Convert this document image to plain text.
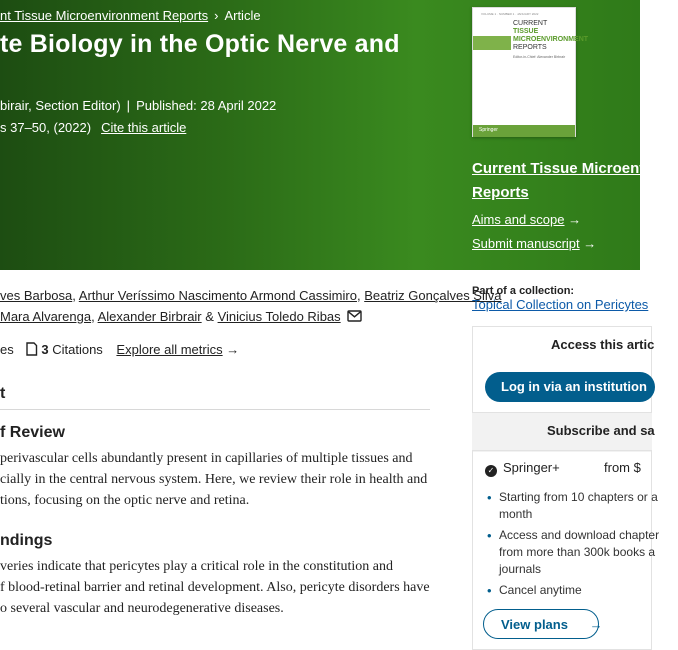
nt Tissue Microenvironment Reports › Article
te Biology in the Optic Nerve and
birair, Section Editor) | Published: 28 April 2022
s 37–50, (2022) Cite this article
VOLUME 1 · NUMBER 1 · JANUARY 2022
CURRENT
TISSUE
MICROENVIRONMENT
REPORTS
Editor-in-Chief: Alexander Birbrair
Springer
Current Tissue Microenviron
Reports
Aims and scope →
Submit manuscript →
ves Barbosa, Arthur Veríssimo Nascimento Armond Cassimiro, Beatriz Gonçalves Silva
Mara Alvarenga, Alexander Birbrair & Vinicius Toledo Ribas
es 3 Citations Explore all metrics →
t
f Review
perivascular cells abundantly present in capillaries of multiple tissues and
cially in the central nervous system. Here, we review their role in health and
tions, focusing on the optic nerve and retina.
ndings
veries indicate that pericytes play a critical role in the constitution and
f blood-retinal barrier and retinal development. Also, pericyte disorders have
o several vascular and neurodegenerative diseases.
Part of a collection:
Topical Collection on Pericytes
Access this artic
Log in via an institution →
Subscribe and sa
✓ Springer+	from $
• Starting from 10 chapters or a
month
• Access and download chapter
from more than 300k books a
journals
• Cancel anytime
View plans →
